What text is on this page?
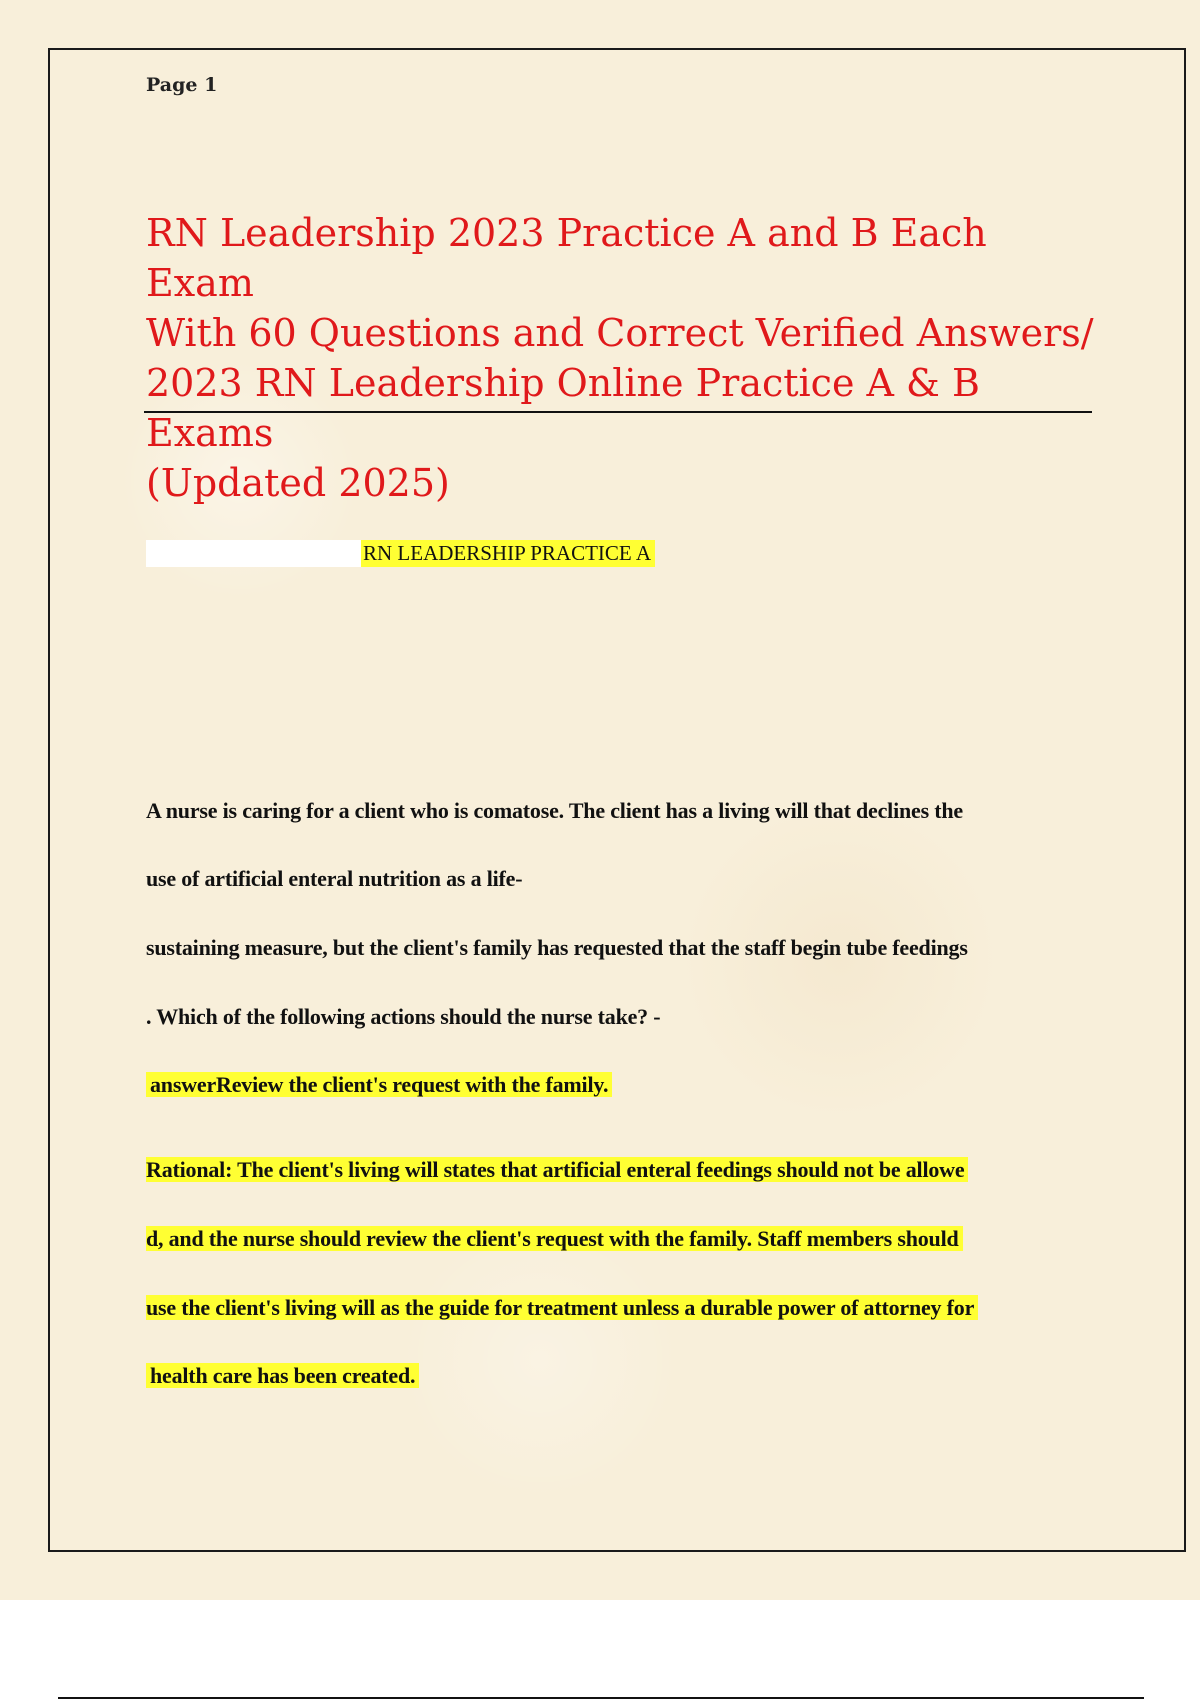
Page 1
RN Leadership 2023 Practice A and B Each Exam
With 60 Questions and Correct Verified Answers/
2023 RN Leadership Online Practice A & B Exams
(Updated 2025)
RN LEADERSHIP PRACTICE A
A nurse is caring for a client who is comatose. The client has a living will that declines the
use of artificial enteral nutrition as a life-
sustaining measure, but the client's family has requested that the staff begin tube feedings
. Which of the following actions should the nurse take? -
answerReview the client's request with the family.
Rational: The client's living will states that artificial enteral feedings should not be allowe
d, and the nurse should review the client's request with the family. Staff members should
use the client's living will as the guide for treatment unless a durable power of attorney for
health care has been created.
